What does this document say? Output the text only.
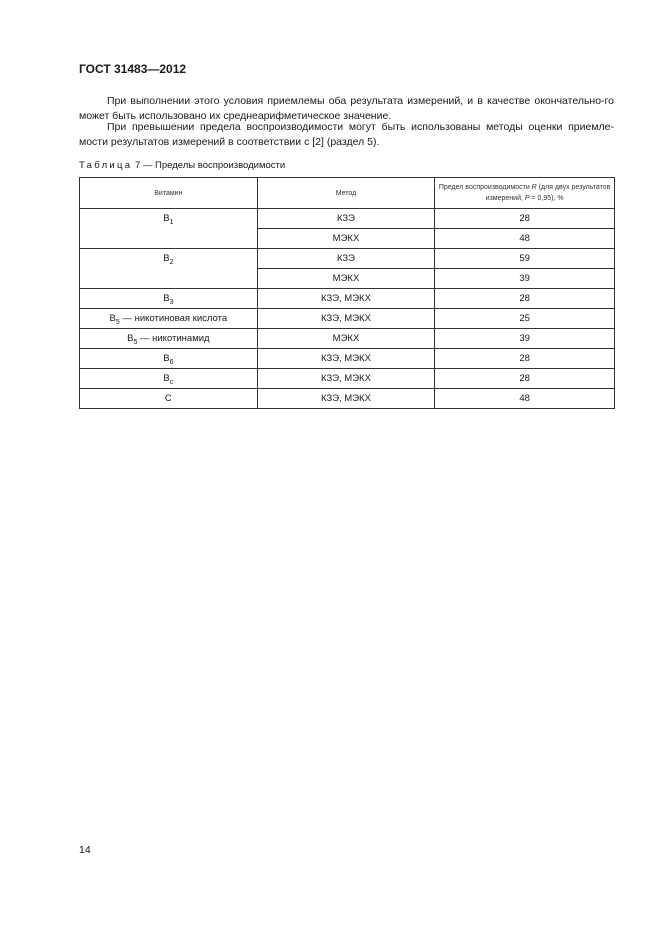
ГОСТ 31483—2012

При выполнении этого условия приемлемы оба результата измерений, и в качестве окончательно-го может быть использовано их среднеарифметическое значение.

При превышении предела воспроизводимости могут быть использованы методы оценки приемле-мости результатов измерений в соответствии с [2] (раздел 5).

Таблица 7 — Пределы воспроизводимости
Витамин	Метод	Предел воспроизводимости R (для двух результатов измерений, P = 0,95), %
$B_1$	КЗЭ	28
	МЭКХ	48
$B_2$	КЗЭ	59
	МЭКХ	39
$B_3$	КЗЭ, МЭКХ	28
$B_5$ — никотиновая кислота	КЗЭ, МЭКХ	25
$B_5$ — никотинамид	МЭКХ	39
$B_6$	КЗЭ, МЭКХ	28
$B_c$	КЗЭ, МЭКХ	28
C	КЗЭ, МЭКХ	48
14
